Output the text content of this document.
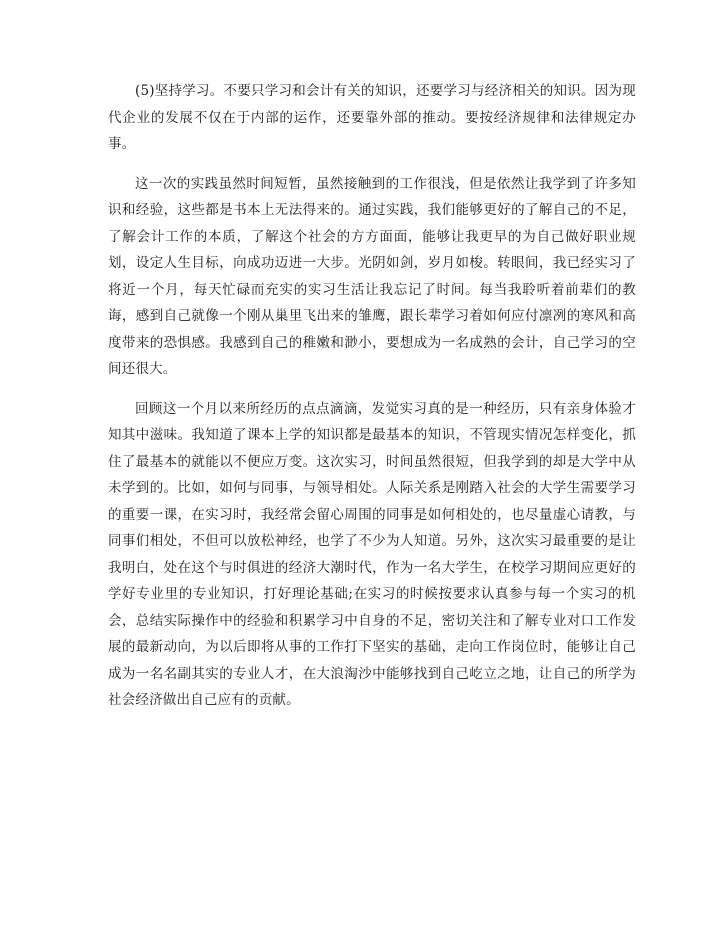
(5)坚持学习。不要只学习和会计有关的知识，还要学习与经济相关的知识。因为现代企业的发展不仅在于内部的运作，还要靠外部的推动。要按经济规律和法律规定办事。

这一次的实践虽然时间短暂，虽然接触到的工作很浅，但是依然让我学到了许多知识和经验，这些都是书本上无法得来的。通过实践，我们能够更好的了解自己的不足，了解会计工作的本质，了解这个社会的方方面面，能够让我更早的为自己做好职业规划，设定人生目标，向成功迈进一大步。光阴如剑，岁月如梭。转眼间，我已经实习了将近一个月，每天忙碌而充实的实习生活让我忘记了时间。每当我聆听着前辈们的教诲，感到自己就像一个刚从巢里飞出来的雏鹰，跟长辈学习着如何应付凛冽的寒风和高度带来的恐惧感。我感到自己的稚嫩和渺小，要想成为一名成熟的会计，自己学习的空间还很大。

回顾这一个月以来所经历的点点滴滴，发觉实习真的是一种经历，只有亲身体验才知其中滋味。我知道了课本上学的知识都是最基本的知识，不管现实情况怎样变化，抓住了最基本的就能以不便应万变。这次实习，时间虽然很短，但我学到的却是大学中从未学到的。比如，如何与同事，与领导相处。人际关系是刚踏入社会的大学生需要学习的重要一课，在实习时，我经常会留心周围的同事是如何相处的，也尽量虚心请教，与同事们相处，不但可以放松神经，也学了不少为人知道。另外，这次实习最重要的是让我明白，处在这个与时俱进的经济大潮时代，作为一名大学生，在校学习期间应更好的学好专业里的专业知识，打好理论基础;在实习的时候按要求认真参与每一个实习的机会，总结实际操作中的经验和积累学习中自身的不足，密切关注和了解专业对口工作发展的最新动向，为以后即将从事的工作打下坚实的基础，走向工作岗位时，能够让自己成为一名名副其实的专业人才，在大浪淘沙中能够找到自己屹立之地，让自己的所学为社会经济做出自己应有的贡献。
